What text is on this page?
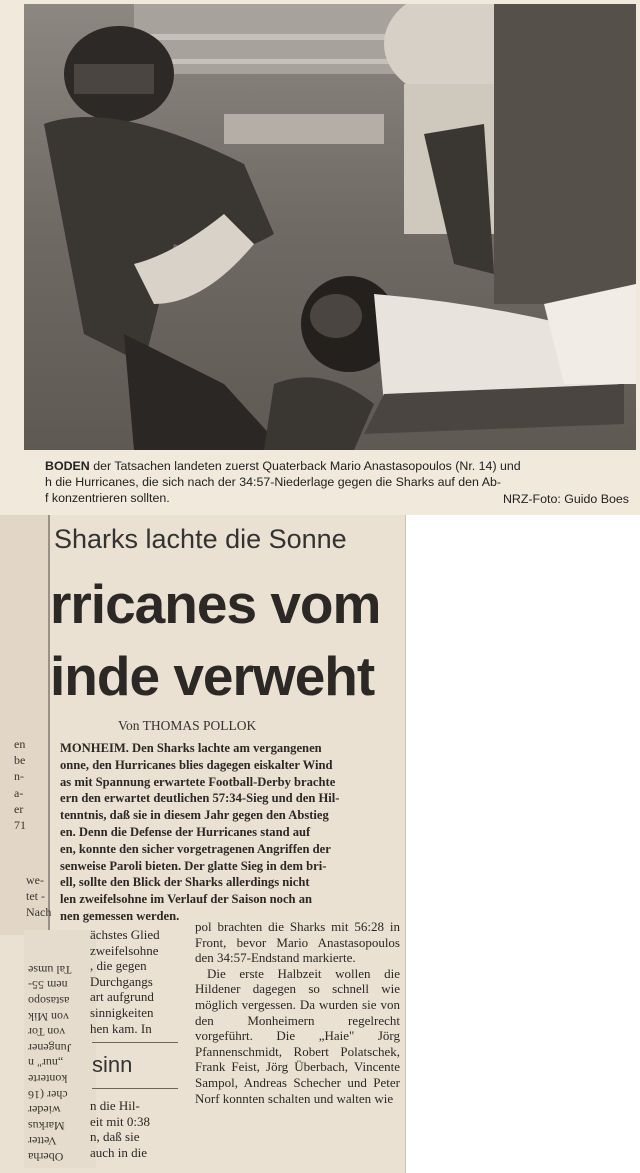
BODEN der Tatsachen landeten zuerst Quaterback Mario Anastasopoulos (Nr. 14) und
h die Hurricanes, die sich nach der 34:57-Niederlage gegen die Sharks auf den Ab-
f konzentrieren sollten.	NRZ-Foto: Guido Boes
Sharks lachte die Sonne
rricanes vom
inde verweht
Von THOMAS POLLOK
MONHEIM. Den Sharks lachte am vergangenen
onne, den Hurricanes blies dagegen eiskalter Wind
as mit Spannung erwartete Football-Derby brachte
ern den erwartet deutlichen 57:34-Sieg und den Hil-
tenntnis, daß sie in diesem Jahr gegen den Abstieg
en. Denn die Defense der Hurricanes stand auf
en, konnte den sicher vorgetragenen Angriffen der
senweise Paroli bieten. Der glatte Sieg in dem bri-
ell, sollte den Blick der Sharks allerdings nicht
len zweifelsohne im Verlauf der Saison noch an
nen gemessen werden.
en
be
n-
a-
er
71
we-
tet -
Nach
Oberha
Vetter
Markus
wieder
cher (16
konterte
„nur" n
Jungener
von Tor
von Mik
astasopo
nem 55-
Tal umse
ächstes Glied
zweifelsohne
, die gegen
Durchgangs
art aufgrund
sinnigkeiten
hen kam. In
n die Hil-
eit mit 0:38
n, daß sie
auch in die
sinn

pol brachten die Sharks mit 56:28 in Front, bevor Mario Anastasopoulos den 34:57-Endstand markierte.

Die erste Halbzeit wollen die Hildener dagegen so schnell wie möglich vergessen. Da wurden sie von den Monheimern regelrecht vorgeführt. Die „Haie" Jörg Pfannenschmidt, Robert Polatschek, Frank Feist, Jörg Überbach, Vincente Sampol, Andreas Schecher und Peter Norf konnten schalten und walten wie
